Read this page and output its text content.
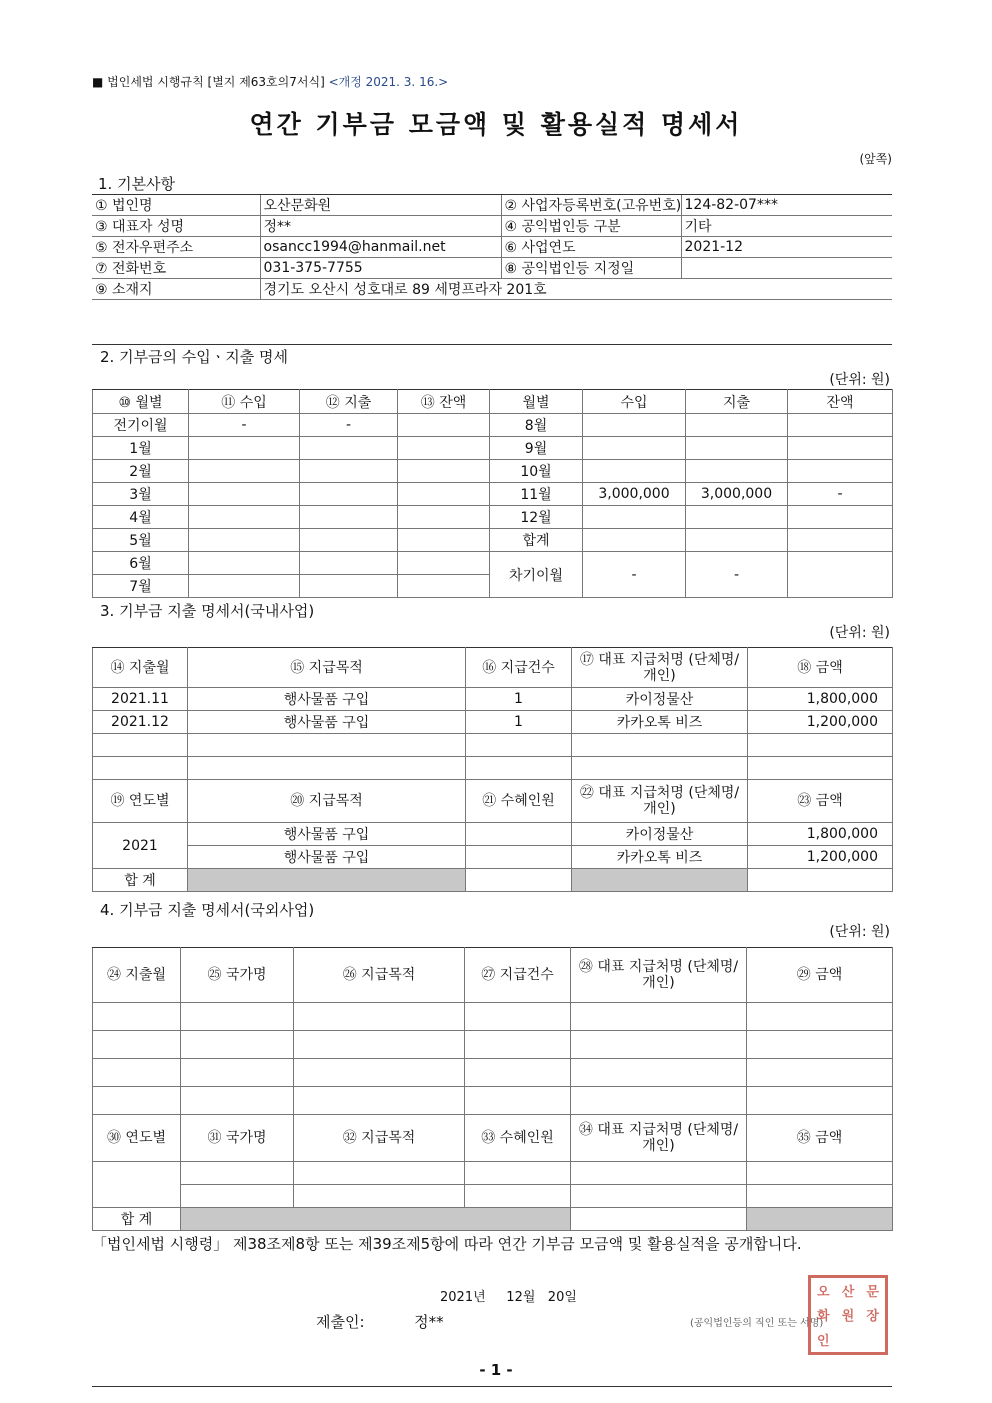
■ 법인세법 시행규칙 [별지 제63호의7서식] <개정 2021. 3. 16.>
연간 기부금 모금액 및 활용실적 명세서
(앞쪽)
1. 기본사항
① 법인명	오산문화원	② 사업자등록번호(고유번호)	124-82-07***
③ 대표자 성명	정**	④ 공익법인등 구분	기타
⑤ 전자우편주소	osancc1994@hanmail.net	⑥ 사업연도	2021-12
⑦ 전화번호	031-375-7755	⑧ 공익법인등 지정일	
⑨ 소재지	경기도 오산시 성호대로 89 세명프라자 201호		
2. 기부금의 수입ㆍ지출 명세
(단위: 원)
⑩ 월별	⑪ 수입	⑫ 지출	⑬ 잔액	월별	수입	지출	잔액
전기이월	-	-		8월			
1월				9월			
2월				10월			
3월				11월	3,000,000	3,000,000	-
4월				12월			
5월				합계			
6월				차기이월	-	-	
7월							
3. 기부금 지출 명세서(국내사업)
(단위: 원)
⑭ 지출월	⑮ 지급목적	⑯ 지급건수	⑰ 대표 지급처명 (단체명/개인)	⑱ 금액
2021.11	행사물품 구입	1	카이정물산	1,800,000
2021.12	행사물품 구입	1	카카오톡 비즈	1,200,000

⑲ 연도별	⑳ 지급목적	㉑ 수혜인원	㉒ 대표 지급처명 (단체명/개인)	㉓ 금액
2021	행사물품 구입		카이정물산	1,800,000
	행사물품 구입		카카오톡 비즈	1,200,000
합 계				
4. 기부금 지출 명세서(국외사업)
(단위: 원)
㉔ 지출월	㉕ 국가명	㉖ 지급목적	㉗ 지급건수	㉘ 대표 지급처명 (단체명/개인)	㉙ 금액	

㉚ 연도별	㉛ 국가명	㉜ 지급목적	㉝ 수혜인원	㉞ 대표 지급처명 (단체명/개인)	㉟ 금액	

합 계						
「법인세법 시행령」 제38조제8항 또는 제39조제5항에 따라 연간 기부금 모금액 및 활용실적을 공개합니다.
2021년     12월   20일
제출인:	정**	(공익법인등의 직인 또는 서명)
오 산 문
화 원 장
인
- 1 -
